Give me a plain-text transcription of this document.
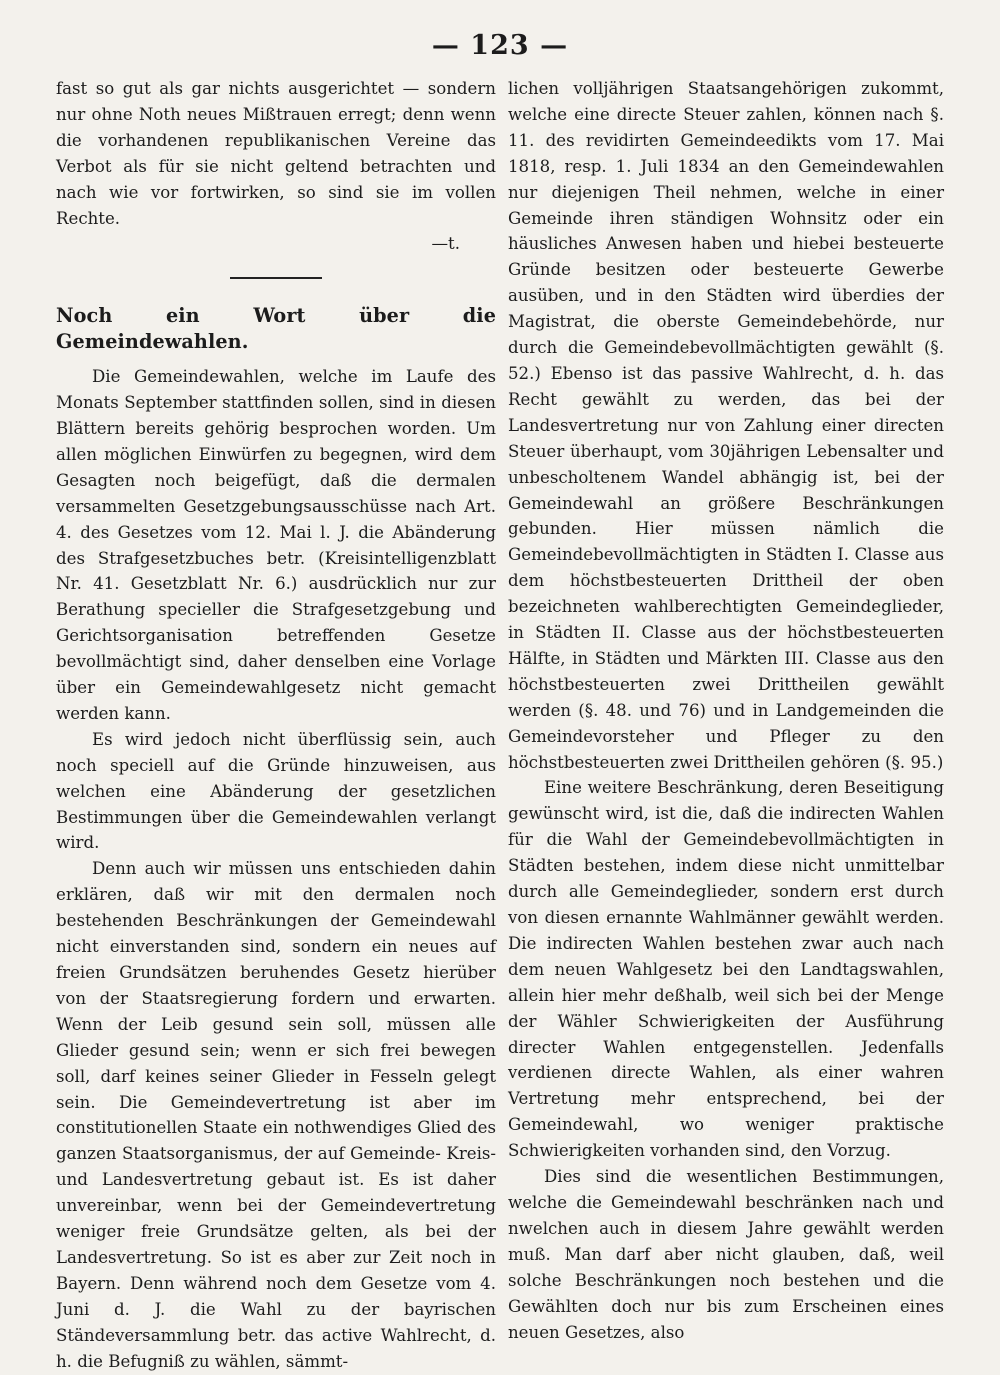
— 123 —

fast so gut als gar nichts ausgerichtet — sondern nur ohne Noth neues Mißtrauen erregt; denn wenn die vorhandenen republikanischen Vereine das Verbot als für sie nicht geltend betrachten und nach wie vor fortwirken, so sind sie im vollen Rechte.

—t.

Noch ein Wort über die Gemeindewahlen.

Die Gemeindewahlen, welche im Laufe des Monats September stattfinden sollen, sind in diesen Blättern bereits gehörig besprochen worden. Um allen möglichen Einwürfen zu begegnen, wird dem Gesagten noch beigefügt, daß die dermalen versammelten Gesetzgebungsausschüsse nach Art. 4. des Gesetzes vom 12. Mai l. J. die Abänderung des Strafgesetzbuches betr. (Kreisintelligenzblatt Nr. 41. Gesetzblatt Nr. 6.) ausdrücklich nur zur Berathung specieller die Strafgesetzgebung und Gerichtsorganisation betreffenden Gesetze bevollmächtigt sind, daher denselben eine Vorlage über ein Gemeindewahlgesetz nicht gemacht werden kann.

Es wird jedoch nicht überflüssig sein, auch noch speciell auf die Gründe hinzuweisen, aus welchen eine Abänderung der gesetzlichen Bestimmungen über die Gemeindewahlen verlangt wird.

Denn auch wir müssen uns entschieden dahin erklären, daß wir mit den dermalen noch bestehenden Beschränkungen der Gemeindewahl nicht einverstanden sind, sondern ein neues auf freien Grundsätzen beruhendes Gesetz hierüber von der Staatsregierung fordern und erwarten. Wenn der Leib gesund sein soll, müssen alle Glieder gesund sein; wenn er sich frei bewegen soll, darf keines seiner Glieder in Fesseln gelegt sein. Die Gemeindevertretung ist aber im constitutionellen Staate ein nothwendiges Glied des ganzen Staatsorganismus, der auf Gemeinde- Kreis- und Landesvertretung gebaut ist. Es ist daher unvereinbar, wenn bei der Gemeindevertretung weniger freie Grundsätze gelten, als bei der Landesvertretung. So ist es aber zur Zeit noch in Bayern. Denn während noch dem Gesetze vom 4. Juni d. J. die Wahl zu der bayrischen Ständeversammlung betr. das active Wahlrecht, d. h. die Befugniß zu wählen, sämmt-

lichen volljährigen Staatsangehörigen zukommt, welche eine directe Steuer zahlen, können nach §. 11. des revidirten Gemeindeedikts vom 17. Mai 1818, resp. 1. Juli 1834 an den Gemeindewahlen nur diejenigen Theil nehmen, welche in einer Gemeinde ihren ständigen Wohnsitz oder ein häusliches Anwesen haben und hiebei besteuerte Gründe besitzen oder besteuerte Gewerbe ausüben, und in den Städten wird überdies der Magistrat, die oberste Gemeindebehörde, nur durch die Gemeindebevollmächtigten gewählt (§. 52.) Ebenso ist das passive Wahlrecht, d. h. das Recht gewählt zu werden, das bei der Landesvertretung nur von Zahlung einer directen Steuer überhaupt, vom 30jährigen Lebensalter und unbescholtenem Wandel abhängig ist, bei der Gemeindewahl an größere Beschränkungen gebunden. Hier müssen nämlich die Gemeindebevollmächtigten in Städten I. Classe aus dem höchstbesteuerten Drittheil der oben bezeichneten wahlberechtigten Gemeindeglieder, in Städten II. Classe aus der höchstbesteuerten Hälfte, in Städten und Märkten III. Classe aus den höchstbesteuerten zwei Drittheilen gewählt werden (§. 48. und 76) und in Landgemeinden die Gemeindevorsteher und Pfleger zu den höchstbesteuerten zwei Drittheilen gehören (§. 95.)

Eine weitere Beschränkung, deren Beseitigung gewünscht wird, ist die, daß die indirecten Wahlen für die Wahl der Gemeindebevollmächtigten in Städten bestehen, indem diese nicht unmittelbar durch alle Gemeindeglieder, sondern erst durch von diesen ernannte Wahlmänner gewählt werden. Die indirecten Wahlen bestehen zwar auch nach dem neuen Wahlgesetz bei den Landtagswahlen, allein hier mehr deßhalb, weil sich bei der Menge der Wähler Schwierigkeiten der Ausführung directer Wahlen entgegenstellen. Jedenfalls verdienen directe Wahlen, als einer wahren Vertretung mehr entsprechend, bei der Gemeindewahl, wo weniger praktische Schwierigkeiten vorhanden sind, den Vorzug.

Dies sind die wesentlichen Bestimmungen, welche die Gemeindewahl beschränken nach und nwelchen auch in diesem Jahre gewählt werden muß. Man darf aber nicht glauben, daß, weil solche Beschränkungen noch bestehen und die Gewählten doch nur bis zum Erscheinen eines neuen Gesetzes, also
